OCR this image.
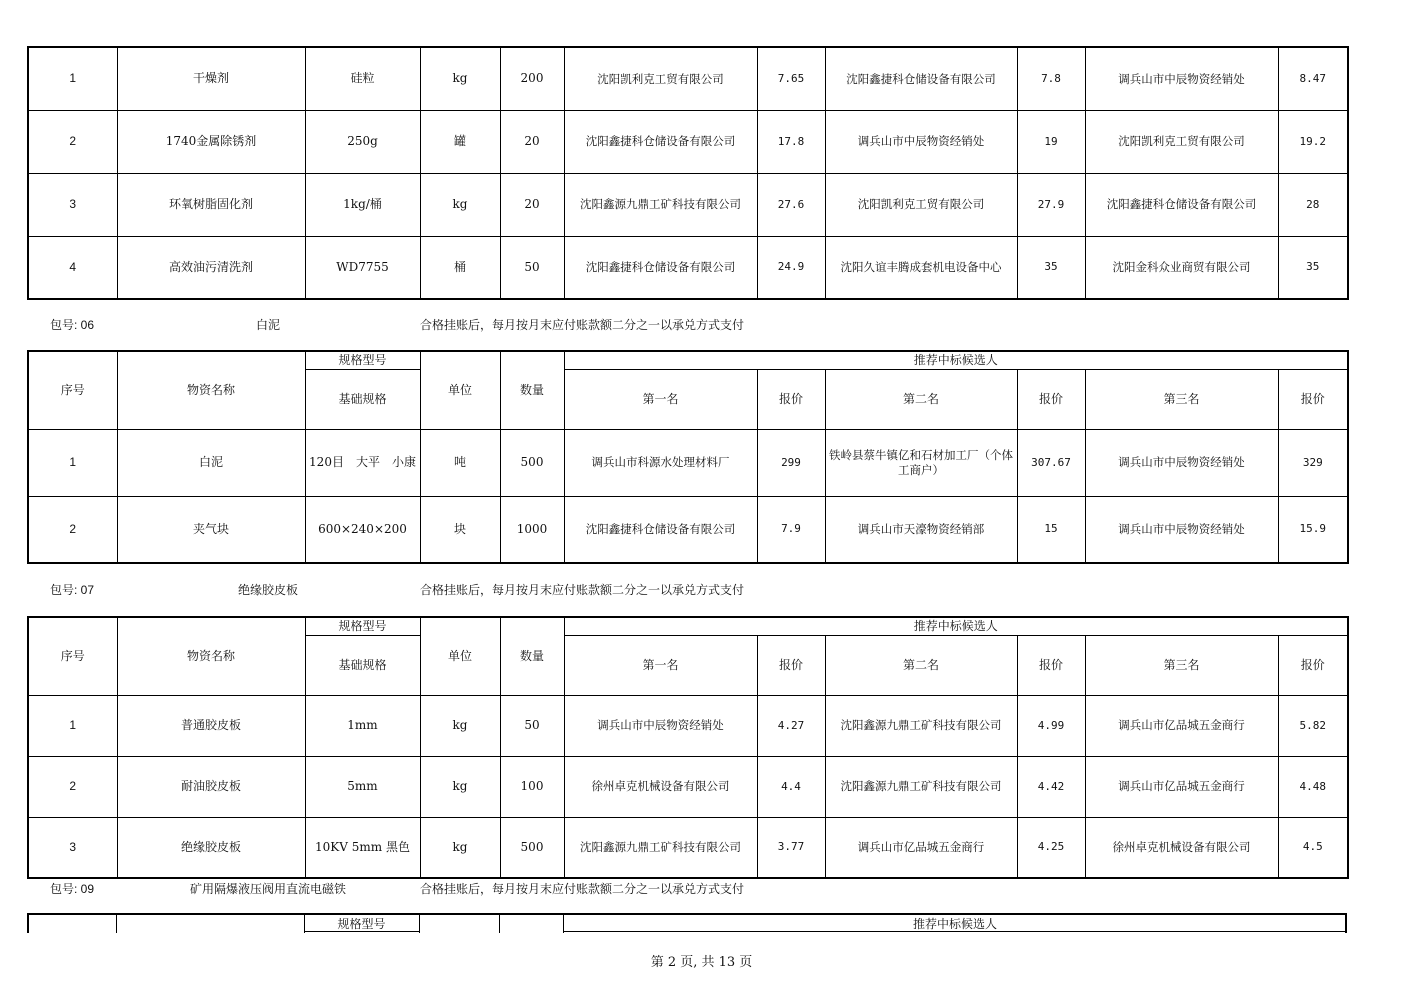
1	干燥剂	硅粒	kg	200	沈阳凯利克工贸有限公司	7.65	沈阳鑫捷科仓储设备有限公司	7.8	调兵山市中辰物资经销处	8.47
2	1740金属除锈剂	250g	罐	20	沈阳鑫捷科仓储设备有限公司	17.8	调兵山市中辰物资经销处	19	沈阳凯利克工贸有限公司	19.2
3	环氧树脂固化剂	1kg/桶	kg	20	沈阳鑫源九鼎工矿科技有限公司	27.6	沈阳凯利克工贸有限公司	27.9	沈阳鑫捷科仓储设备有限公司	28
4	高效油污清洗剂	WD7755	桶	50	沈阳鑫捷科仓储设备有限公司	24.9	沈阳久谊丰腾成套机电设备中心	35	沈阳金科众业商贸有限公司	35
包号: 06	白泥	合格挂账后，每月按月末应付账款额二分之一以承兑方式支付
序号	物资名称	规格型号	单位	数量	推荐中标候选人					
		基础规格			第一名	报价	第二名	报价	第三名	报价
1	白泥	120目　大平　小康	吨	500	调兵山市科源水处理材料厂	299	铁岭县蔡牛镇亿和石材加工厂（个体工商户）	307.67	调兵山市中辰物资经销处	329
2	夹气块	600×240×200	块	1000	沈阳鑫捷科仓储设备有限公司	7.9	调兵山市天濠物资经销部	15	调兵山市中辰物资经销处	15.9
包号: 07	绝缘胶皮板	合格挂账后，每月按月末应付账款额二分之一以承兑方式支付
序号	物资名称	规格型号	单位	数量	推荐中标候选人					
		基础规格			第一名	报价	第二名	报价	第三名	报价
1	普通胶皮板	1mm	kg	50	调兵山市中辰物资经销处	4.27	沈阳鑫源九鼎工矿科技有限公司	4.99	调兵山市亿品城五金商行	5.82
2	耐油胶皮板	5mm	kg	100	徐州卓克机械设备有限公司	4.4	沈阳鑫源九鼎工矿科技有限公司	4.42	调兵山市亿品城五金商行	4.48
3	绝缘胶皮板	10KV 5mm 黑色	kg	500	沈阳鑫源九鼎工矿科技有限公司	3.77	调兵山市亿品城五金商行	4.25	徐州卓克机械设备有限公司	4.5
包号: 09	矿用隔爆液压阀用直流电磁铁	合格挂账后，每月按月末应付账款额二分之一以承兑方式支付
规格型号	推荐中标候选人
第 2 页, 共 13 页
